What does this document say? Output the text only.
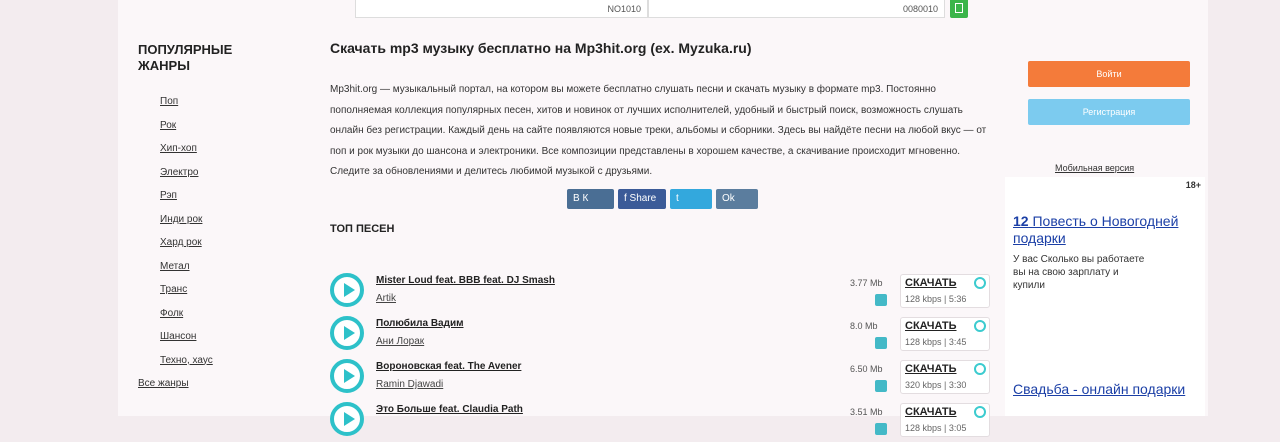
NO1010	0080010
ПОПУЛЯРНЫЕ ЖАНРЫ
Поп
Рок
Хип-хоп
Электро
Рэп
Инди рок
Хард рок
Метал
Транс
Фолк
Шансон
Техно, хаус
Все жанры
Скачать mp3 музыку бесплатно на Mp3hit.org (ex. Myzuka.ru)

Mp3hit.org — музыкальный портал, на котором вы можете бесплатно слушать песни и скачать музыку в формате mp3. Постоянно пополняемая коллекция популярных песен, хитов и новинок от лучших исполнителей, удобный и быстрый поиск, возможность слушать онлайн без регистрации. Каждый день на сайте появляются новые треки, альбомы и сборники. Здесь вы найдёте песни на любой вкус — от поп и рок музыки до шансона и электроники. Все композиции представлены в хорошем качестве, а скачивание происходит мгновенно. Следите за обновлениями и делитесь любимой музыкой с друзьями.

В К	f Share	t	Ok
ТОП ПЕСЕН
Mister Loud feat. BBB feat. DJ Smash
Artik
3.77 Mb СКАЧАТЬ
128 kbps | 5:36
Полюбила Вадим
Ани Лорак
8.0 Mb СКАЧАТЬ
128 kbps | 3:45
Вороновская feat. The Avener
Ramin Djawadi
6.50 Mb СКАЧАТЬ
320 kbps | 3:30
Это Больше feat. Claudia Path	3.51 Mb СКАЧАТЬ
128 kbps | 3:05
Войти
Регистрация
Мобильная версия
18+
12 Повесть о Новогодней подарки
У вас Сколько вы работаете вы на свою зарплату и купили
Свадьба - онлайн подарки
